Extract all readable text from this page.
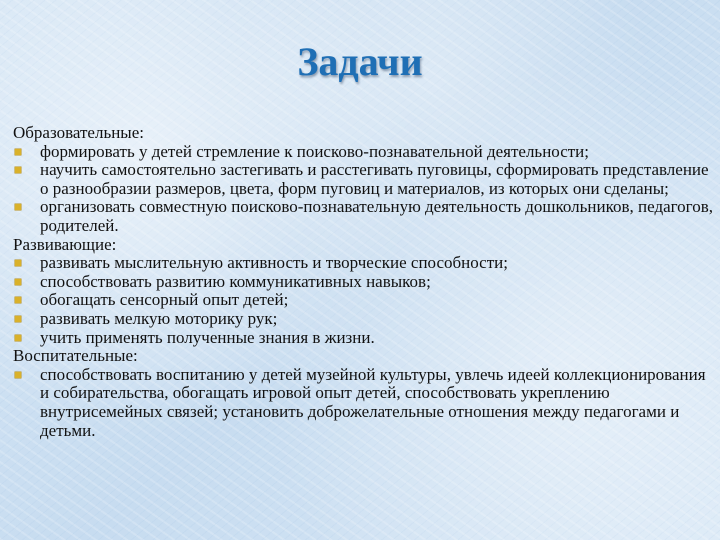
Задачи

Образовательные:

формировать у детей стремление к поисково-познавательной деятельности;
научить самостоятельно застегивать и расстегивать пуговицы, сформировать представление о разнообразии размеров, цвета, форм пуговиц и материалов, из которых они сделаны;
организовать совместную поисково-познавательную деятельность дошкольников, педагогов, родителей.

Развивающие:

развивать мыслительную активность и творческие способности;
способствовать развитию коммуникативных навыков;
обогащать сенсорный опыт детей;
развивать мелкую моторику рук;
учить применять полученные знания в жизни.

Воспитательные:

способствовать воспитанию у детей музейной культуры, увлечь идеей коллекционирования и собирательства, обогащать игровой опыт детей, способствовать укреплению внутрисемейных связей; установить доброжелательные отношения между педагогами и детьми.
